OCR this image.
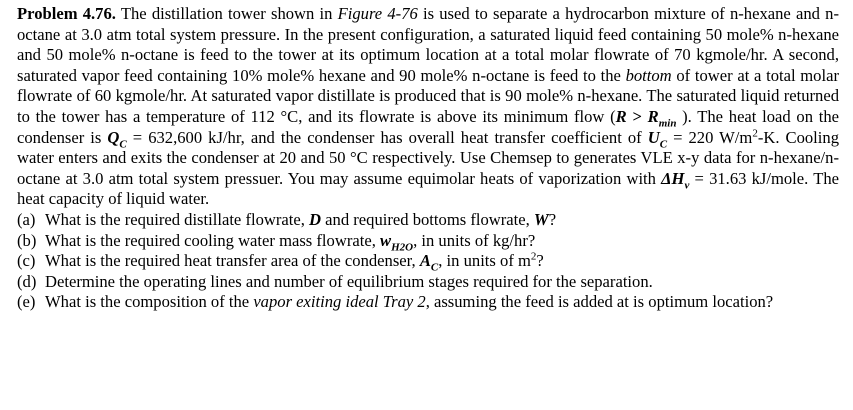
Problem 4.76. The distillation tower shown in Figure 4-76 is used to separate a hydrocarbon mixture of n-hexane and n-octane at 3.0 atm total system pressure. In the present configuration, a saturated liquid feed containing 50 mole% n-hexane and 50 mole% n-octane is feed to the tower at its optimum location at a total molar flowrate of 70 kgmole/hr. A second, saturated vapor feed containing 10% mole% hexane and 90 mole% n-octane is feed to the bottom of tower at a total molar flowrate of 60 kgmole/hr. At saturated vapor distillate is produced that is 90 mole% n-hexane. The saturated liquid returned to the tower has a temperature of 112 °C, and its flowrate is above its minimum flow ($R > R_{min}$ ). The heat load on the condenser is $Q_C = 632,600$ kJ/hr, and the condenser has overall heat transfer coefficient of $U_C = 220$ $W/m^2-K$. Cooling water enters and exits the condenser at 20 and 50 °C respectively. Use Chemsep to generates VLE x-y data for n-hexane/n-octane at 3.0 atm total system pressuer. You may assume equimolar heats of vaporization with $\Delta H_v = 31.63$ kJ/mole. The heat capacity of liquid water.
(a) What is the required distillate flowrate, D and required bottoms flowrate, W?
(b) What is the required cooling water mass flowrate, $w_{H2O}$, in units of kg/hr?
(c) What is the required heat transfer area of the condenser, $A_C$, in units of $m^2$?
(d) Determine the operating lines and number of equilibrium stages required for the separation.
(e) What is the composition of the vapor exiting ideal Tray 2, assuming the feed is added at is optimum location?
